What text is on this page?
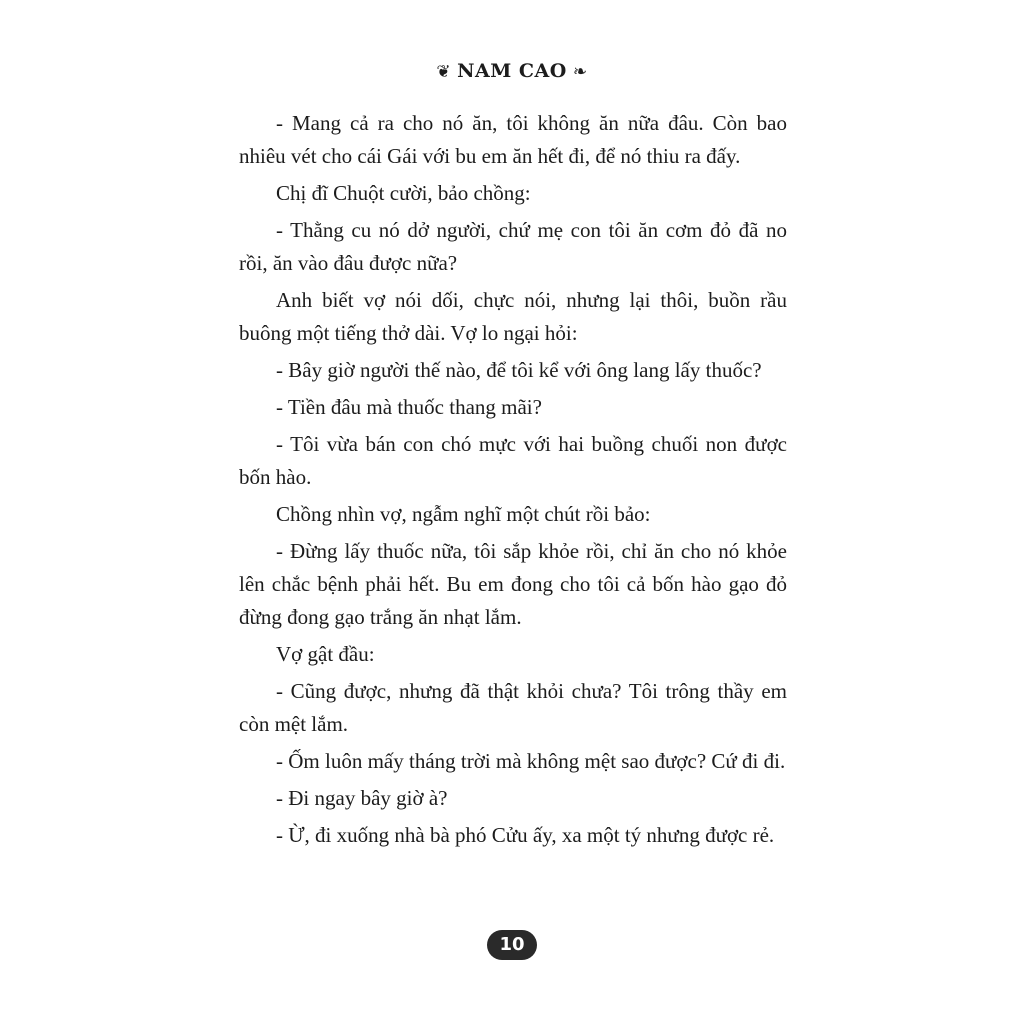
❦ NAM CAO ❧

- Mang cả ra cho nó ăn, tôi không ăn nữa đâu. Còn bao nhiêu vét cho cái Gái với bu em ăn hết đi, để nó thiu ra đấy.

Chị đĩ Chuột cười, bảo chồng:

- Thằng cu nó dở người, chứ mẹ con tôi ăn cơm đỏ đã no rồi, ăn vào đâu được nữa?

Anh biết vợ nói dối, chực nói, nhưng lại thôi, buồn rầu buông một tiếng thở dài. Vợ lo ngại hỏi:

- Bây giờ người thế nào, để tôi kể với ông lang lấy thuốc?

- Tiền đâu mà thuốc thang mãi?

- Tôi vừa bán con chó mực với hai buồng chuối non được bốn hào.

Chồng nhìn vợ, ngẫm nghĩ một chút rồi bảo:

- Đừng lấy thuốc nữa, tôi sắp khỏe rồi, chỉ ăn cho nó khỏe lên chắc bệnh phải hết. Bu em đong cho tôi cả bốn hào gạo đỏ đừng đong gạo trắng ăn nhạt lắm.

Vợ gật đầu:

- Cũng được, nhưng đã thật khỏi chưa? Tôi trông thầy em còn mệt lắm.

- Ốm luôn mấy tháng trời mà không mệt sao được? Cứ đi đi.

- Đi ngay bây giờ à?

- Ừ, đi xuống nhà bà phó Cửu ấy, xa một tý nhưng được rẻ.

10
